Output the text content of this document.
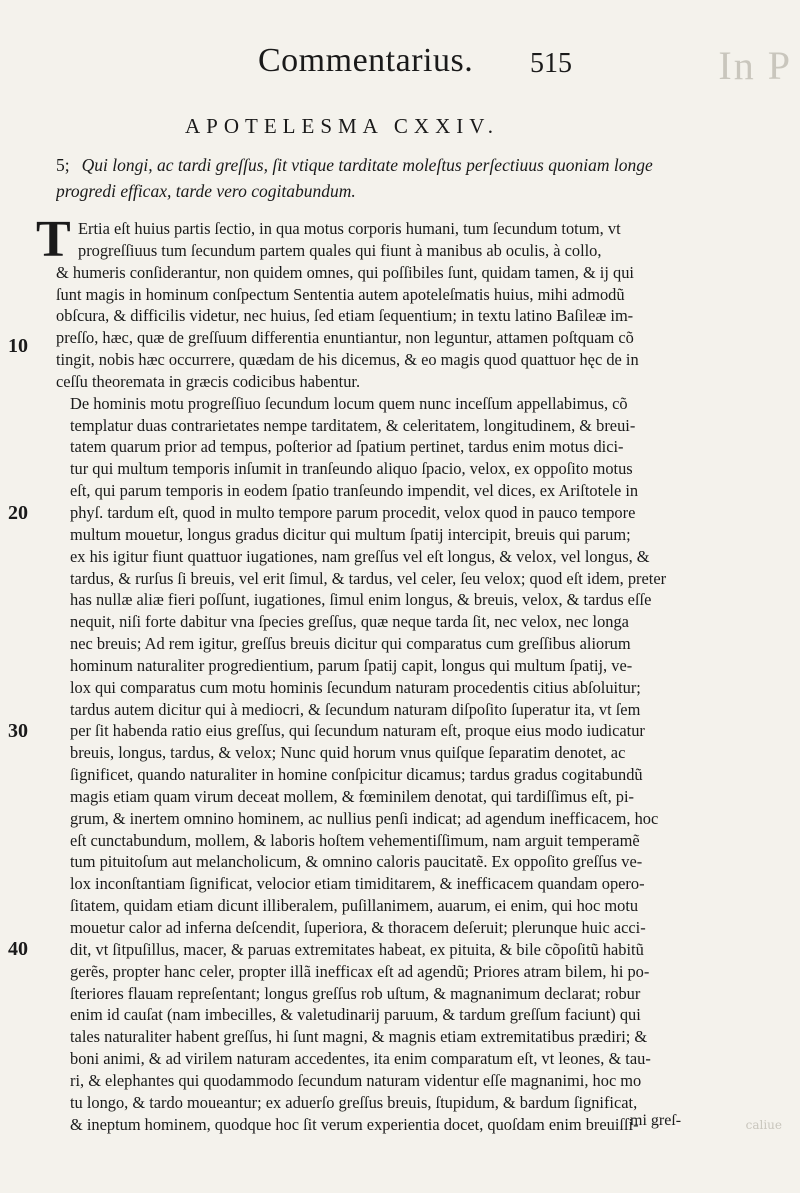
In P
Commentarius. 515
APOTELESMA CXXIV.
5; Qui longi, ac tardi greſſus, ſit vtique tarditate moleſtus perſectiuus quoniam longe
progredi efficax, tarde vero cogitabundum.
T Ertia eſt huius partis ſectio, in qua motus corporis humani, tum ſecundum totum, vt
progreſſiuus tum ſecundum partem quales qui fiunt à manibus ab oculis, à collo,
& humeris conſiderantur, non quidem omnes, qui poſſibiles ſunt, quidam tamen, & ij qui
ſunt magis in hominum conſpectum Sententia autem apoteleſmatis huius, mihi admodũ
obſcura, & difficilis videtur, nec huius, ſed etiam ſequentium; in textu latino Baſileæ im-
preſſo, hæc, quæ de greſſuum differentia enuntiantur, non leguntur, attamen poſtquam cõ
tingit, nobis hæc occurrere, quædam de his dicemus, & eo magis quod quattuor hęc de in
ceſſu theoremata in græcis codicibus habentur.
De hominis motu progreſſiuo ſecundum locum quem nunc inceſſum appellabimus, cõ
templatur duas contrarietates nempe tarditatem, & celeritatem, longitudinem, & breui-
tatem quarum prior ad tempus, poſterior ad ſpatium pertinet, tardus enim motus dici-
tur qui multum temporis inſumit in tranſeundo aliquo ſpacio, velox, ex oppoſito motus
eſt, qui parum temporis in eodem ſpatio tranſeundo impendit, vel dices, ex Ariſtotele in
phyſ. tardum eſt, quod in multo tempore parum procedit, velox quod in pauco tempore
multum mouetur, longus gradus dicitur qui multum ſpatij intercipit, breuis qui parum;
ex his igitur fiunt quattuor iugationes, nam greſſus vel eſt longus, & velox, vel longus, &
tardus, & rurſus ſi breuis, vel erit ſimul, & tardus, vel celer, ſeu velox; quod eſt idem, preter
has nullæ aliæ fieri poſſunt, iugationes, ſimul enim longus, & breuis, velox, & tardus eſſe
nequit, niſi forte dabitur vna ſpecies greſſus, quæ neque tarda ſit, nec velox, nec longa
nec breuis; Ad rem igitur, greſſus breuis dicitur qui comparatus cum greſſibus aliorum
hominum naturaliter progredientium, parum ſpatij capit, longus qui multum ſpatij, ve-
lox qui comparatus cum motu hominis ſecundum naturam procedentis citius abſoluitur;
tardus autem dicitur qui à mediocri, & ſecundum naturam diſpoſito ſuperatur ita, vt ſem
per ſit habenda ratio eius greſſus, qui ſecundum naturam eſt, proque eius modo iudicatur
breuis, longus, tardus, & velox; Nunc quid horum vnus quiſque ſeparatim denotet, ac
ſignificet, quando naturaliter in homine conſpicitur dicamus; tardus gradus cogitabundũ
magis etiam quam virum deceat mollem, & fœminilem denotat, qui tardiſſimus eſt, pi-
grum, & inertem omnino hominem, ac nullius penſi indicat; ad agendum inefficacem, hoc
eſt cunctabundum, mollem, & laboris hoſtem vehementiſſimum, nam arguit temperamẽ
tum pituitoſum aut melancholicum, & omnino caloris paucitatẽ. Ex oppoſito greſſus ve-
lox inconſtantiam ſignificat, velocior etiam timiditarem, & inefficacem quandam opero-
ſitatem, quidam etiam dicunt illiberalem, puſillanimem, auarum, ei enim, qui hoc motu
mouetur calor ad inferna deſcendit, ſuperiora, & thoracem deſeruit; plerunque huic acci-
dit, vt ſitpuſillus, macer, & paruas extremitates habeat, ex pituita, & bile cõpoſitũ habitũ
gerẽs, propter hanc celer, propter illã inefficax eſt ad agendũ; Priores atram bilem, hi po-
ſteriores flauam repreſentant; longus greſſus rob uſtum, & magnanimum declarat; robur
enim id cauſat (nam imbecilles, & valetudinarij paruum, & tardum greſſum faciunt) qui
tales naturaliter habent greſſus, hi ſunt magni, & magnis etiam extremitatibus prædiri; &
boni animi, & ad virilem naturam accedentes, ita enim comparatum eſt, vt leones, & tau-
ri, & elephantes qui quodammodo ſecundum naturam videntur eſſe magnanimi, hoc mo
tu longo, & tardo moueantur; ex aduerſo greſſus breuis, ſtupidum, & bardum ſignificat,
& ineptum hominem, quodque hoc ſit verum experientia docet, quoſdam enim breuiſſi-
10
20
30
40
mi greſ-	caliue
